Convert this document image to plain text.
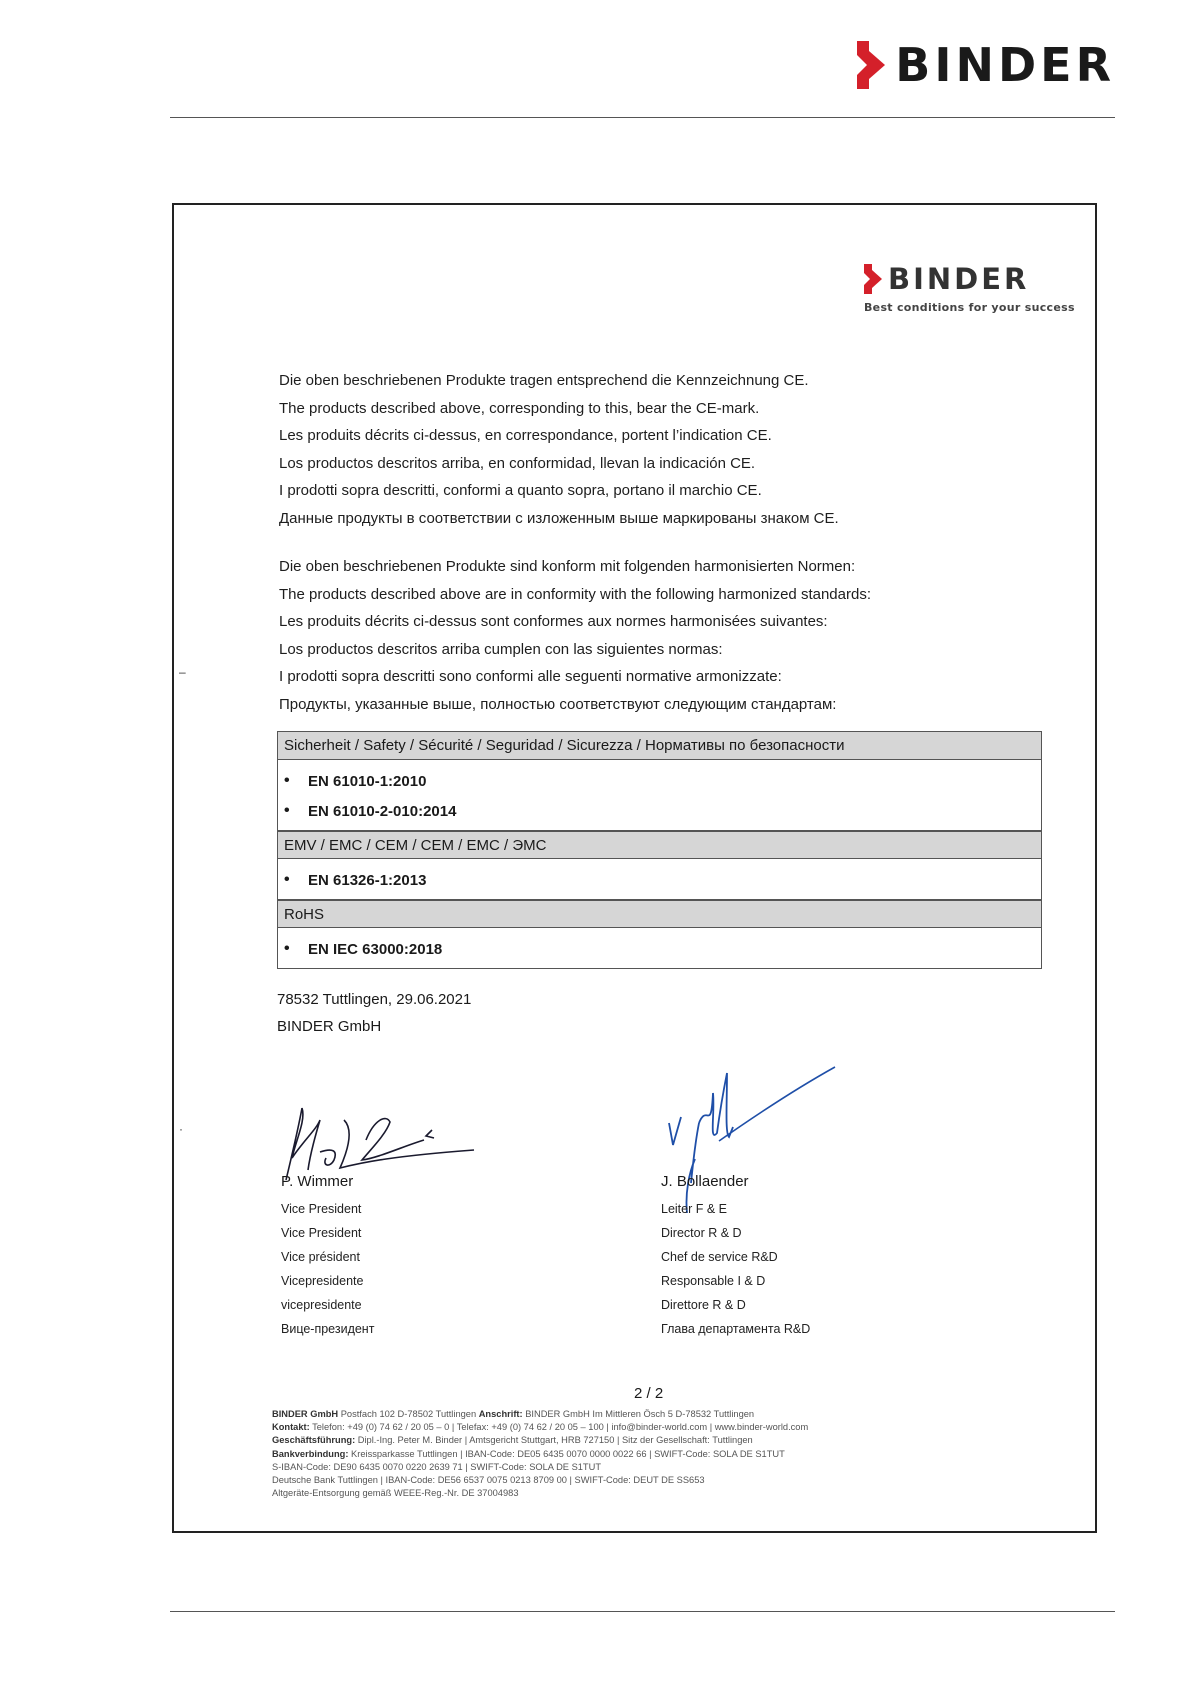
BINDER
BINDER
Best conditions for your success
Die oben beschriebenen Produkte tragen entsprechend die Kennzeichnung CE.
The products described above, corresponding to this, bear the CE-mark.
Les produits décrits ci-dessus, en correspondance, portent l’indication CE.
Los productos descritos arriba, en conformidad, llevan la indicación CE.
I prodotti sopra descritti, conformi a quanto sopra, portano il marchio CE.
Данные продукты в соответствии с изложенным выше маркированы знаком CE.
Die oben beschriebenen Produkte sind konform mit folgenden harmonisierten Normen:
The products described above are in conformity with the following harmonized standards:
Les produits décrits ci-dessus sont conformes aux normes harmonisées suivantes:
Los productos descritos arriba cumplen con las siguientes normas:
I prodotti sopra descritti sono conformi alle seguenti normative armonizzate:
Продукты, указанные выше, полностью соответствуют следующим стандартам:
–
·
Sicherheit / Safety / Sécurité / Seguridad / Sicurezza / Нормативы по безопасности
•	EN 61010-1:2010
•	EN 61010-2-010:2014
EMV / EMC / CEM / CEM / EMC / ЭМС
•	EN 61326-1:2013
RoHS
•	EN IEC 63000:2018
78532 Tuttlingen, 29.06.2021
BINDER GmbH
P. Wimmer
Vice President
Vice President
Vice président
Vicepresidente
vicepresidente
Вице-президент
J. Bollaender
Leiter F & E
Director R & D
Chef de service R&D
Responsable I & D
Direttore R & D
Глава департамента R&D
2 / 2
BINDER GmbH Postfach 102 D-78502 Tuttlingen Anschrift: BINDER GmbH Im Mittleren Ösch 5 D-78532 Tuttlingen
Kontakt: Telefon: +49 (0) 74 62 / 20 05 – 0 | Telefax: +49 (0) 74 62 / 20 05 – 100 | info@binder-world.com | www.binder-world.com
Geschäftsführung: Dipl.-Ing. Peter M. Binder | Amtsgericht Stuttgart, HRB 727150 | Sitz der Gesellschaft: Tuttlingen
Bankverbindung: Kreissparkasse Tuttlingen | IBAN-Code: DE05 6435 0070 0000 0022 66 | SWIFT-Code: SOLA DE S1TUT
S-IBAN-Code: DE90 6435 0070 0220 2639 71 | SWIFT-Code: SOLA DE S1TUT
Deutsche Bank Tuttlingen | IBAN-Code: DE56 6537 0075 0213 8709 00 | SWIFT-Code: DEUT DE SS653
Altgeräte-Entsorgung gemäß WEEE-Reg.-Nr. DE 37004983
